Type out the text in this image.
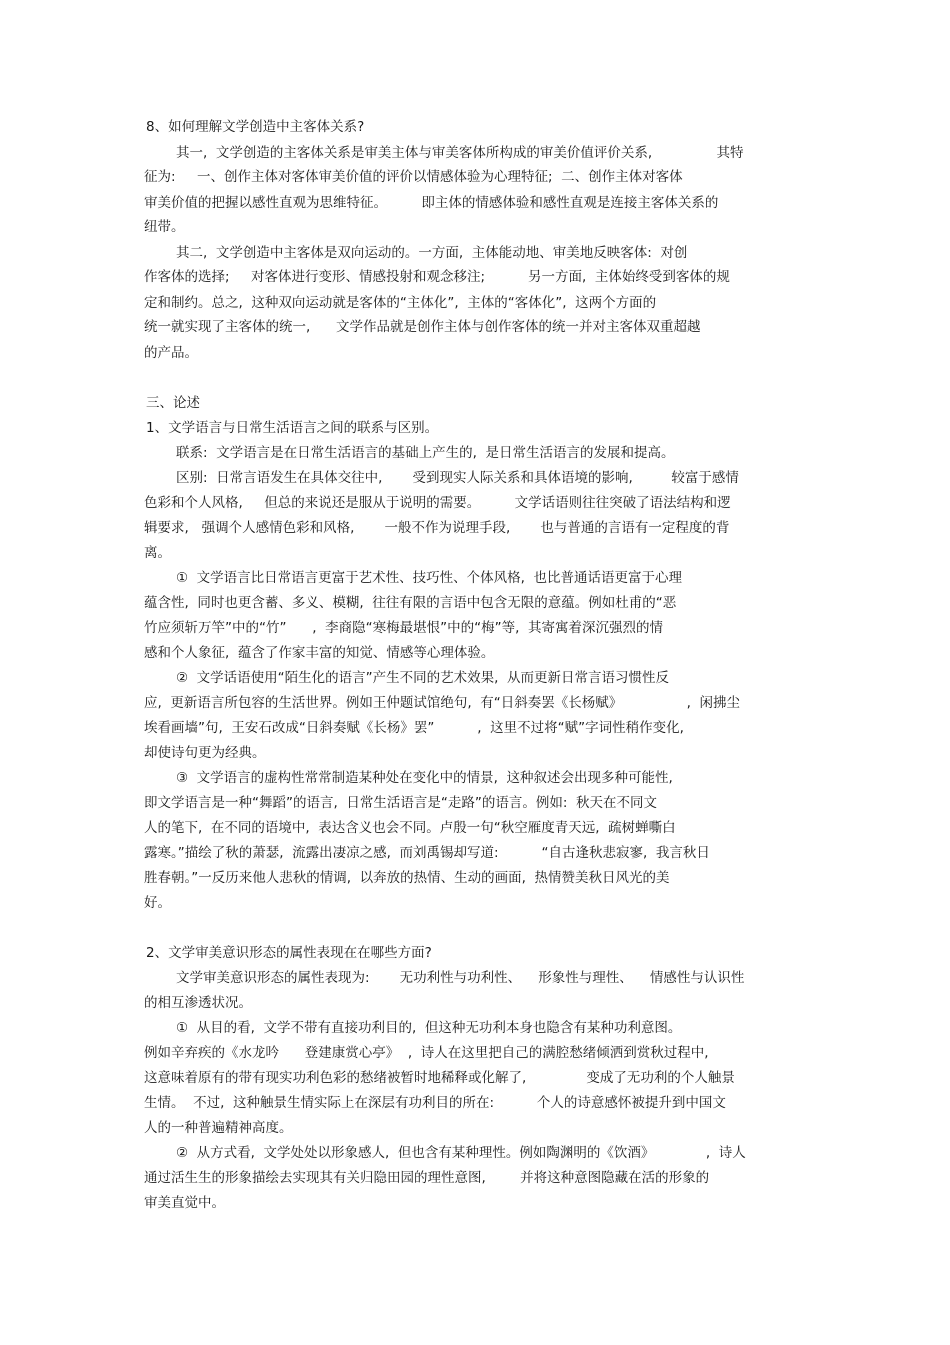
8、如何理解文学创造中主客体关系?
其一,  文学创造的主客体关系是审美主体与审美客体所构成的审美价值评价关系,               其特
征为:     一、创作主体对客体审美价值的评价以情感体验为心理特征;  二、创作主体对客体
审美价值的把握以感性直观为思维特征。        即主体的情感体验和感性直观是连接主客体关系的
纽带。
其二,  文学创造中主客体是双向运动的。一方面,  主体能动地、审美地反映客体:  对创
作客体的选择;     对客体进行变形、情感投射和观念移注;          另一方面,  主体始终受到客体的规
定和制约。总之,  这种双向运动就是客体的“主体化”,  主体的“客体化”,  这两个方面的
统一就实现了主客体的统一,      文学作品就是创作主体与创作客体的统一并对主客体双重超越
的产品。
三、论述
1、文学语言与日常生活语言之间的联系与区别。
联系:  文学语言是在日常生活语言的基础上产生的,  是日常生活语言的发展和提高。
区别:  日常言语发生在具体交往中,       受到现实人际关系和具体语境的影响,         较富于感情
色彩和个人风格,     但总的来说还是服从于说明的需要。        文学话语则往往突破了语法结构和逻
辑要求,   强调个人感情色彩和风格,       一般不作为说理手段,       也与普通的言语有一定程度的背
离。
①  文学语言比日常语言更富于艺术性、技巧性、个体风格,  也比普通话语更富于心理
蕴含性,  同时也更含蓄、多义、模糊,  往往有限的言语中包含无限的意蕴。例如杜甫的“恶
竹应须斩万竿”中的“竹”      ,  李商隐“寒梅最堪恨”中的“梅”等,  其寄寓着深沉强烈的情
感和个人象征,  蕴含了作家丰富的知觉、情感等心理体验。
②  文学话语使用“陌生化的语言”产生不同的艺术效果,  从而更新日常言语习惯性反
应,  更新语言所包容的生活世界。例如王仲题试馆绝句,  有“日斜奏罢《长杨赋》               ,  闲拂尘
埃看画墙”句,  王安石改成“日斜奏赋《长杨》罢”          ,  这里不过将“赋”字词性稍作变化,
却使诗句更为经典。
③  文学语言的虚构性常常制造某种处在变化中的情景,  这种叙述会出现多种可能性,
即文学语言是一种“舞蹈”的语言,  日常生活语言是“走路”的语言。例如:  秋天在不同文
人的笔下,  在不同的语境中,  表达含义也会不同。卢殷一句“秋空雁度青天远,  疏树蝉嘶白
露寒。”描绘了秋的萧瑟,  流露出凄凉之感,  而刘禹锡却写道:          “自古逢秋悲寂寥,  我言秋日
胜春朝。”一反历来他人悲秋的情调,  以奔放的热情、生动的画面,  热情赞美秋日风光的美
好。
2、文学审美意识形态的属性表现在在哪些方面?
文学审美意识形态的属性表现为:       无功利性与功利性、    形象性与理性、    情感性与认识性
的相互渗透状况。
①  从目的看,  文学不带有直接功利目的,  但这种无功利本身也隐含有某种功利意图。
例如辛弃疾的《水龙吟      登建康赏心亭》  ,  诗人在这里把自己的满腔愁绪倾洒到赏秋过程中,
这意味着原有的带有现实功利色彩的愁绪被暂时地稀释或化解了,              变成了无功利的个人触景
生情。  不过,  这种触景生情实际上在深层有功利目的所在:          个人的诗意感怀被提升到中国文
人的一种普遍精神高度。
②  从方式看,  文学处处以形象感人,  但也含有某种理性。例如陶渊明的《饮酒》            ,  诗人
通过活生生的形象描绘去实现其有关归隐田园的理性意图,        并将这种意图隐藏在活的形象的
审美直觉中。
